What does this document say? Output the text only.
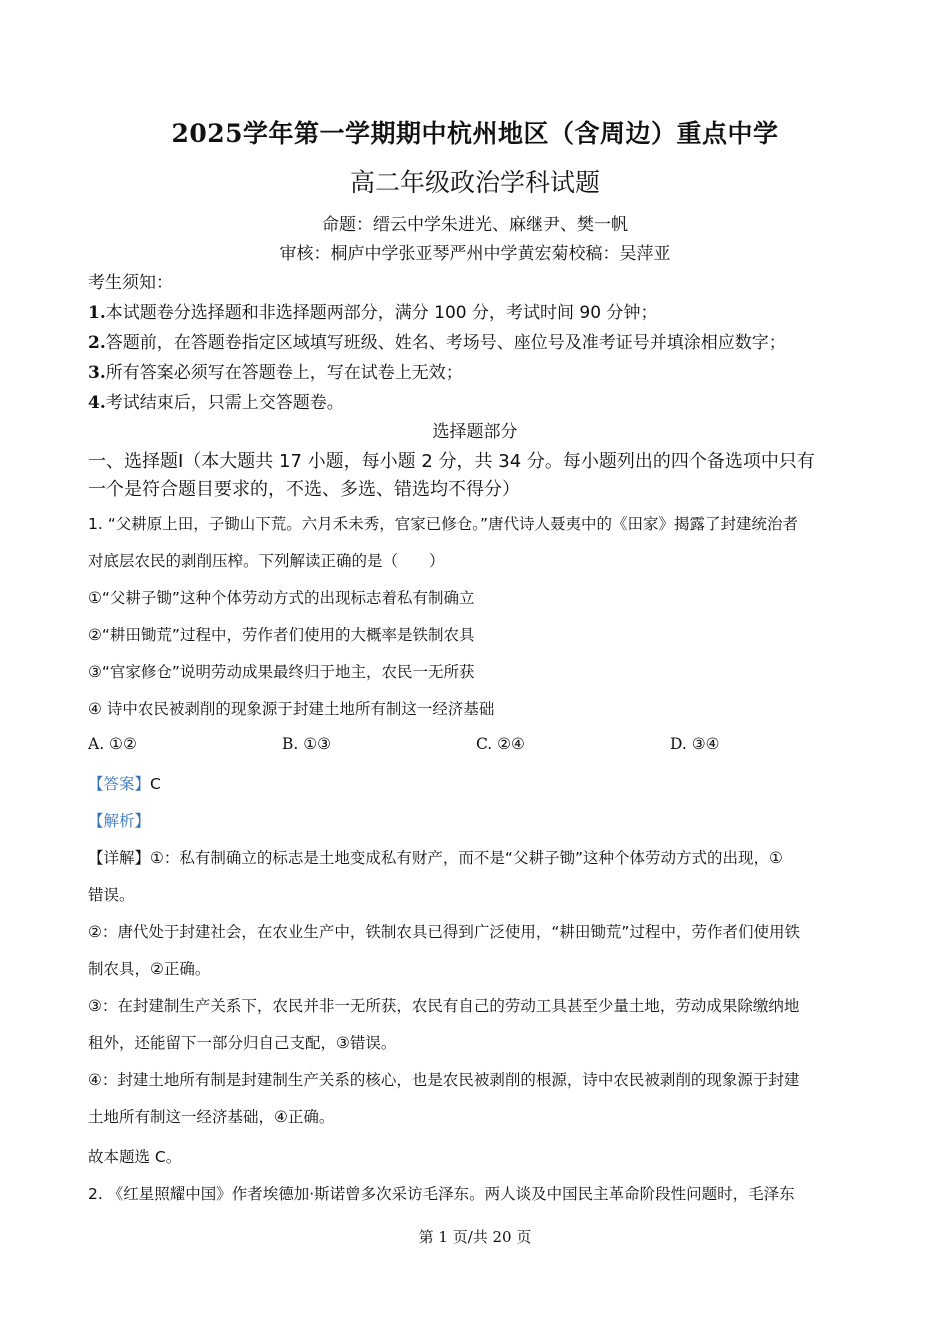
2025学年第一学期期中杭州地区（含周边）重点中学
高二年级政治学科试题
命题：缙云中学朱进光、麻继尹、樊一帆
审核：桐庐中学张亚琴严州中学黄宏菊校稿：吴萍亚
考生须知：
1.本试题卷分选择题和非选择题两部分，满分 100 分，考试时间 90 分钟；
2.答题前，在答题卷指定区域填写班级、姓名、考场号、座位号及准考证号并填涂相应数字；
3.所有答案必须写在答题卷上，写在试卷上无效；
4.考试结束后，只需上交答题卷。
选择题部分
一、选择题Ⅰ（本大题共 17 小题，每小题 2 分，共 34 分。每小题列出的四个备选项中只有
一个是符合题目要求的，不选、多选、错选均不得分）
1. “父耕原上田，子锄山下荒。六月禾未秀，官家已修仓。”唐代诗人聂夷中的《田家》揭露了封建统治者
对底层农民的剥削压榨。下列解读正确的是（　　）
①“父耕子锄”这种个体劳动方式的出现标志着私有制确立
②“耕田锄荒”过程中，劳作者们使用的大概率是铁制农具
③“官家修仓”说明劳动成果最终归于地主，农民一无所获
④ 诗中农民被剥削的现象源于封建土地所有制这一经济基础
A. ①②	B. ①③	C. ②④	D. ③④
【答案】C
【解析】
【详解】①：私有制确立的标志是土地变成私有财产，而不是“父耕子锄”这种个体劳动方式的出现，①
错误。
②：唐代处于封建社会，在农业生产中，铁制农具已得到广泛使用，“耕田锄荒”过程中，劳作者们使用铁
制农具，②正确。
③：在封建制生产关系下，农民并非一无所获，农民有自己的劳动工具甚至少量土地，劳动成果除缴纳地
租外，还能留下一部分归自己支配，③错误。
④：封建土地所有制是封建制生产关系的核心，也是农民被剥削的根源，诗中农民被剥削的现象源于封建
土地所有制这一经济基础，④正确。
故本题选 C。
2. 《红星照耀中国》作者埃德加·斯诺曾多次采访毛泽东。两人谈及中国民主革命阶段性问题时，毛泽东
第 1 页/共 20 页
